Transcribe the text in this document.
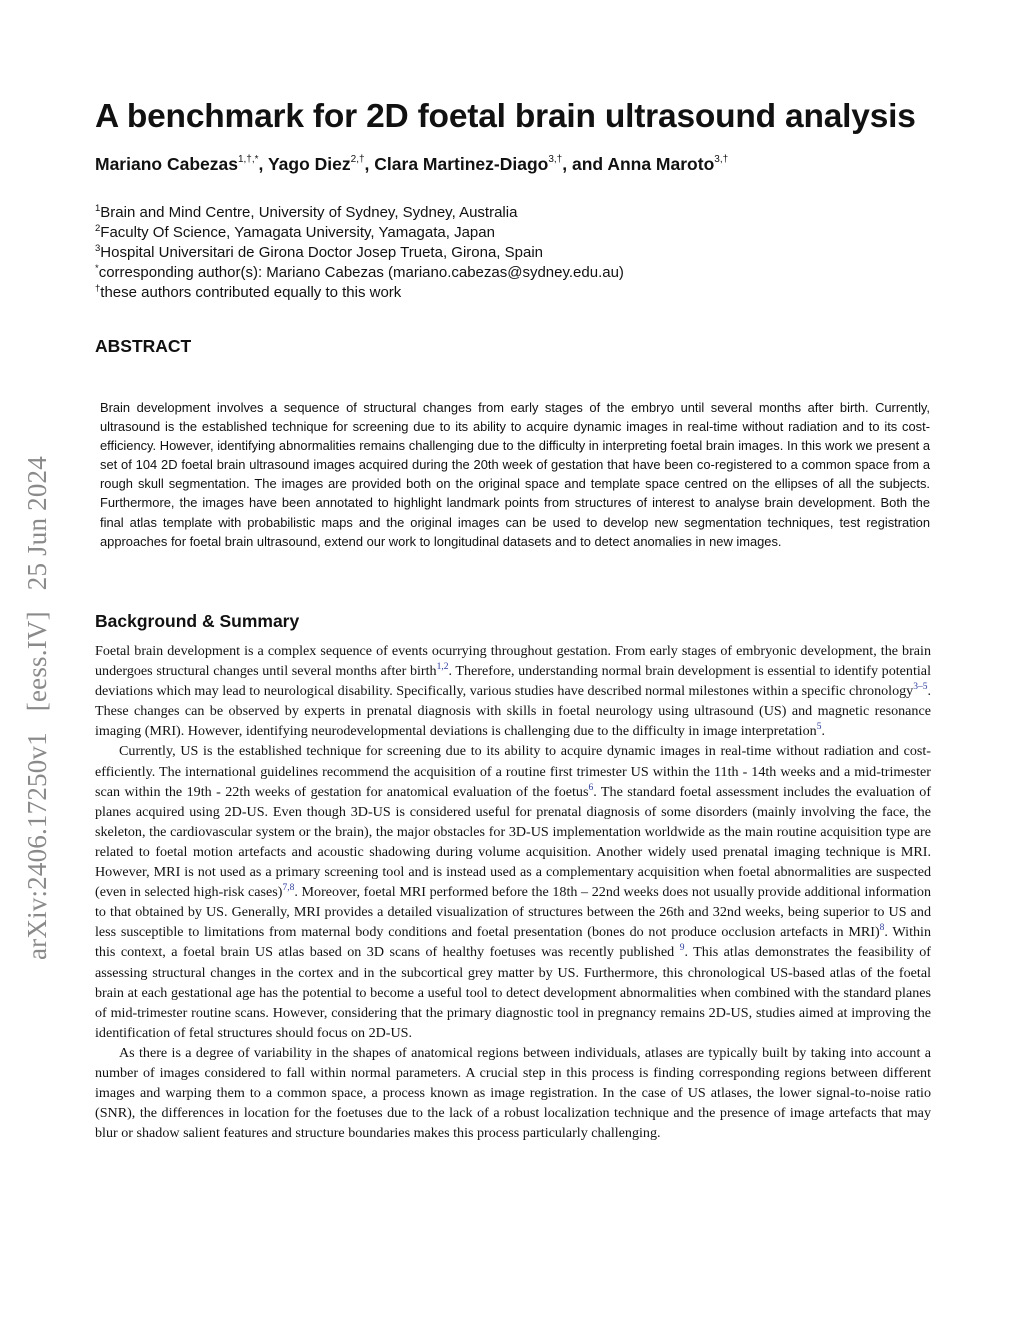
arXiv:2406.17250v1 [eess.IV] 25 Jun 2024
A benchmark for 2D foetal brain ultrasound analysis
Mariano Cabezas$^{1,\dagger,*}$, Yago Diez$^{2,\dagger}$, Clara Martinez-Diago$^{3,\dagger}$, and Anna Maroto$^{3,\dagger}$
$^1$Brain and Mind Centre, University of Sydney, Sydney, Australia
$^2$Faculty Of Science, Yamagata University, Yamagata, Japan
$^3$Hospital Universitari de Girona Doctor Josep Trueta, Girona, Spain
*corresponding author(s): Mariano Cabezas (mariano.cabezas@sydney.edu.au)
†these authors contributed equally to this work
ABSTRACT

Brain development involves a sequence of structural changes from early stages of the embryo until several months after birth. Currently, ultrasound is the established technique for screening due to its ability to acquire dynamic images in real-time without radiation and to its cost-efficiency. However, identifying abnormalities remains challenging due to the difficulty in interpreting foetal brain images. In this work we present a set of 104 2D foetal brain ultrasound images acquired during the 20th week of gestation that have been co-registered to a common space from a rough skull segmentation. The images are provided both on the original space and template space centred on the ellipses of all the subjects. Furthermore, the images have been annotated to highlight landmark points from structures of interest to analyse brain development. Both the final atlas template with probabilistic maps and the original images can be used to develop new segmentation techniques, test registration approaches for foetal brain ultrasound, extend our work to longitudinal datasets and to detect anomalies in new images.

Background & Summary

Foetal brain development is a complex sequence of events ocurrying throughout gestation. From early stages of embryonic development, the brain undergoes structural changes until several months after birth$^{1,2}$. Therefore, understanding normal brain development is essential to identify potential deviations which may lead to neurological disability. Specifically, various studies have described normal milestones within a specific chronology$^{3-5}$. These changes can be observed by experts in prenatal diagnosis with skills in foetal neurology using ultrasound (US) and magnetic resonance imaging (MRI). However, identifying neurodevelopmental deviations is challenging due to the difficulty in image interpretation$^5$.

Currently, US is the established technique for screening due to its ability to acquire dynamic images in real-time without radiation and cost-efficiently. The international guidelines recommend the acquisition of a routine first trimester US within the 11th - 14th weeks and a mid-trimester scan within the 19th - 22th weeks of gestation for anatomical evaluation of the foetus$^6$. The standard foetal assessment includes the evaluation of planes acquired using 2D-US. Even though 3D-US is considered useful for prenatal diagnosis of some disorders (mainly involving the face, the skeleton, the cardiovascular system or the brain), the major obstacles for 3D-US implementation worldwide as the main routine acquisition type are related to foetal motion artefacts and acoustic shadowing during volume acquisition. Another widely used prenatal imaging technique is MRI. However, MRI is not used as a primary screening tool and is instead used as a complementary acquisition when foetal abnormalities are suspected (even in selected high-risk cases)$^{7,8}$. Moreover, foetal MRI performed before the 18th – 22nd weeks does not usually provide additional information to that obtained by US. Generally, MRI provides a detailed visualization of structures between the 26th and 32nd weeks, being superior to US and less susceptible to limitations from maternal body conditions and foetal presentation (bones do not produce occlusion artefacts in MRI)$^8$. Within this context, a foetal brain US atlas based on 3D scans of healthy foetuses was recently published $^9$. This atlas demonstrates the feasibility of assessing structural changes in the cortex and in the subcortical grey matter by US. Furthermore, this chronological US-based atlas of the foetal brain at each gestational age has the potential to become a useful tool to detect development abnormalities when combined with the standard planes of mid-trimester routine scans. However, considering that the primary diagnostic tool in pregnancy remains 2D-US, studies aimed at improving the identification of fetal structures should focus on 2D-US.

As there is a degree of variability in the shapes of anatomical regions between individuals, atlases are typically built by taking into account a number of images considered to fall within normal parameters. A crucial step in this process is finding corresponding regions between different images and warping them to a common space, a process known as image registration. In the case of US atlases, the lower signal-to-noise ratio (SNR), the differences in location for the foetuses due to the lack of a robust localization technique and the presence of image artefacts that may blur or shadow salient features and structure boundaries makes this process particularly challenging.
